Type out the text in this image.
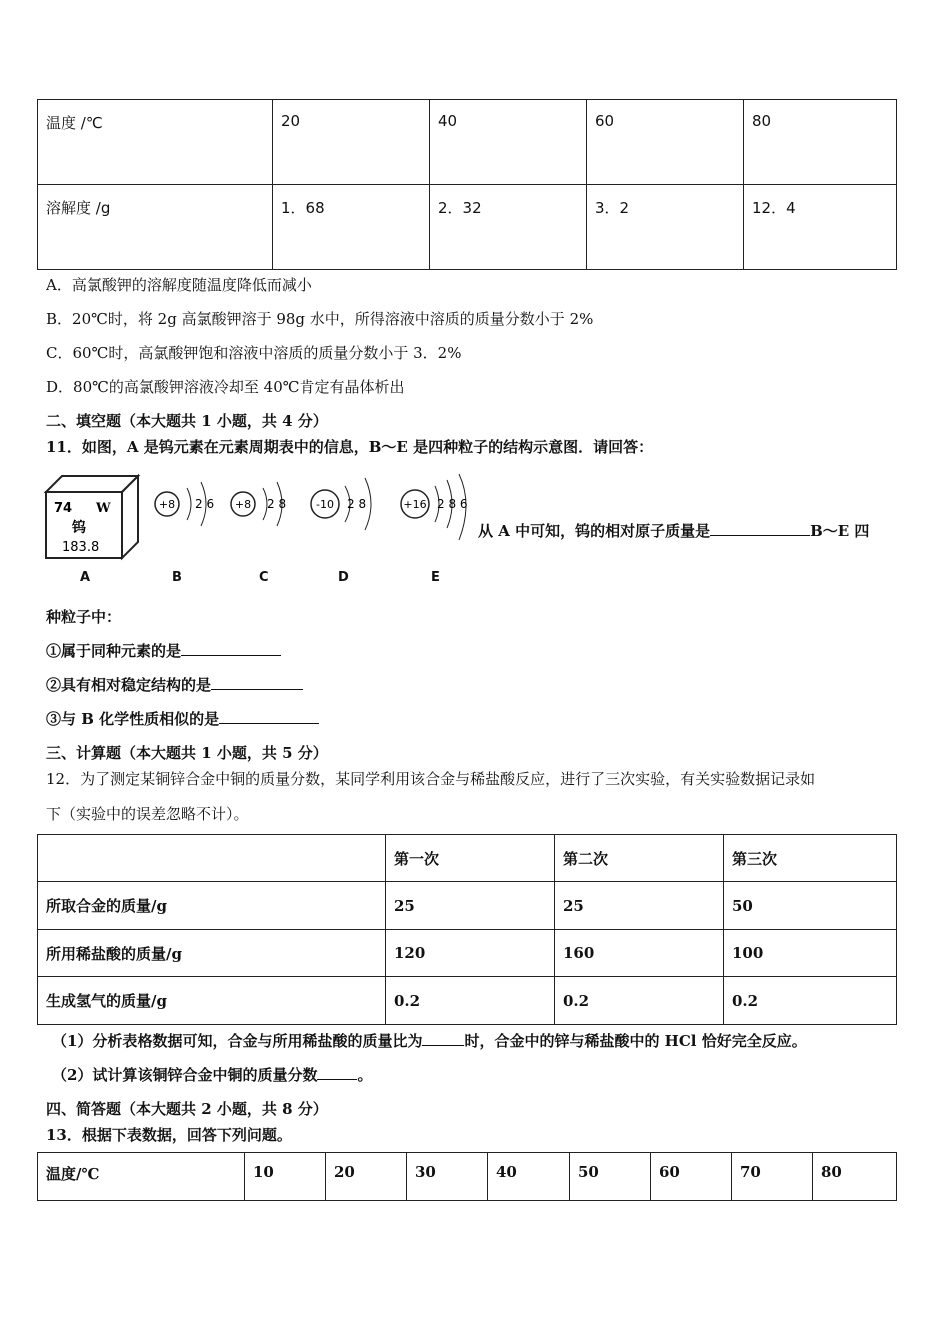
温度 /℃	20	40	60	80
溶解度 /g	1．68	2．32	3．2	12．4
A．高氯酸钾的溶解度随温度降低而减小
B．20℃时，将 2g 高氯酸钾溶于 98g 水中，所得溶液中溶质的质量分数小于 2%
C．60℃时，高氯酸钾饱和溶液中溶质的质量分数小于 3．2%
D．80℃的高氯酸钾溶液冷却至 40℃肯定有晶体析出
二、填空题（本大题共 1 小题，共 4 分）
11．如图，A 是钨元素在元素周期表中的信息，B～E 是四种粒子的结构示意图．请回答：
74 W
钨
183.8
+8 2 6 +8 2 8	-10 2 8	+16 2 8 6
A	B	C	D	E
从 A 中可知，钨的相对原子质量是	B～E 四
种粒子中：
①属于同种元素的是
②具有相对稳定结构的是
③与 B 化学性质相似的是
三、计算题（本大题共 1 小题，共 5 分）
12．为了测定某铜锌合金中铜的质量分数，某同学利用该合金与稀盐酸反应，进行了三次实验，有关实验数据记录如
下（实验中的误差忽略不计）。
	第一次	第二次	第三次
所取合金的质量/g	25	25	50
所用稀盐酸的质量/g	120	160	100
生成氢气的质量/g	0.2	0.2	0.2
（1）分析表格数据可知，合金与所用稀盐酸的质量比为	时，合金中的锌与稀盐酸中的 HCl 恰好完全反应。
（2）试计算该铜锌合金中铜的质量分数	。
四、简答题（本大题共 2 小题，共 8 分）
13．根据下表数据，回答下列问题。
温度/℃	10	20	30	40	50	60	70	80
